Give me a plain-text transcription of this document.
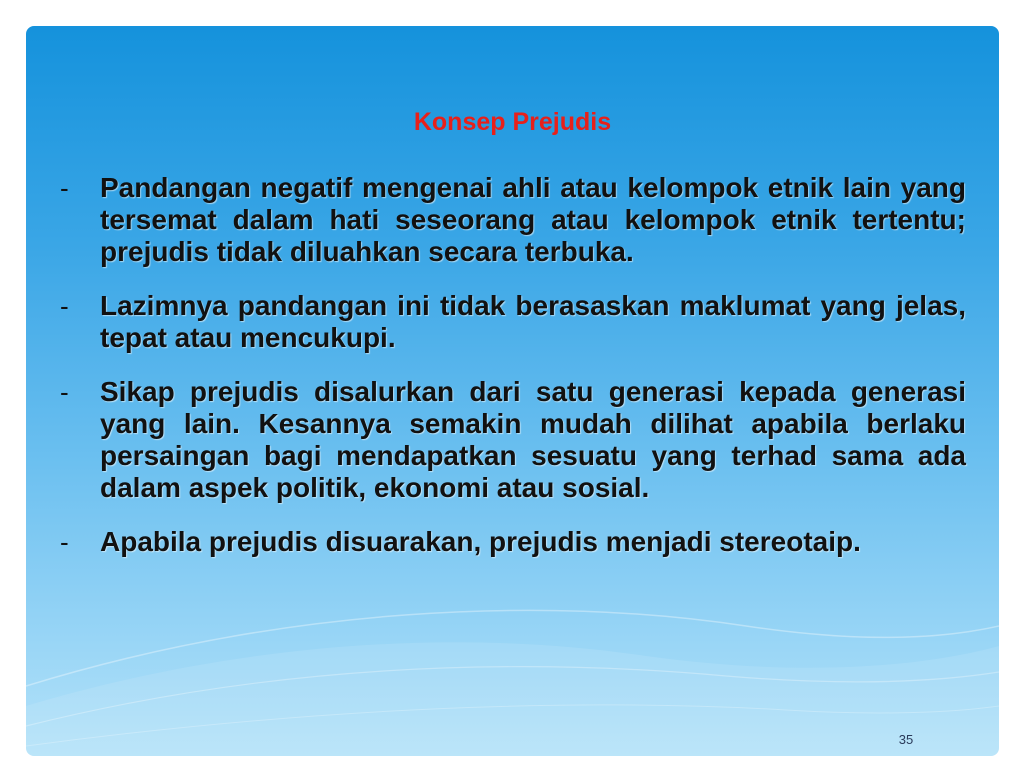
Konsep Prejudis
- Pandangan negatif mengenai ahli atau kelompok etnik lain yang tersemat dalam hati seseorang atau kelompok etnik tertentu; prejudis tidak diluahkan secara terbuka.
- Lazimnya pandangan ini tidak berasaskan maklumat yang jelas, tepat atau mencukupi.
- Sikap prejudis disalurkan dari satu generasi kepada generasi yang lain. Kesannya semakin mudah dilihat apabila berlaku persaingan bagi mendapatkan sesuatu yang terhad sama ada dalam aspek politik, ekonomi atau sosial.
- Apabila prejudis disuarakan, prejudis menjadi stereotaip.
35
